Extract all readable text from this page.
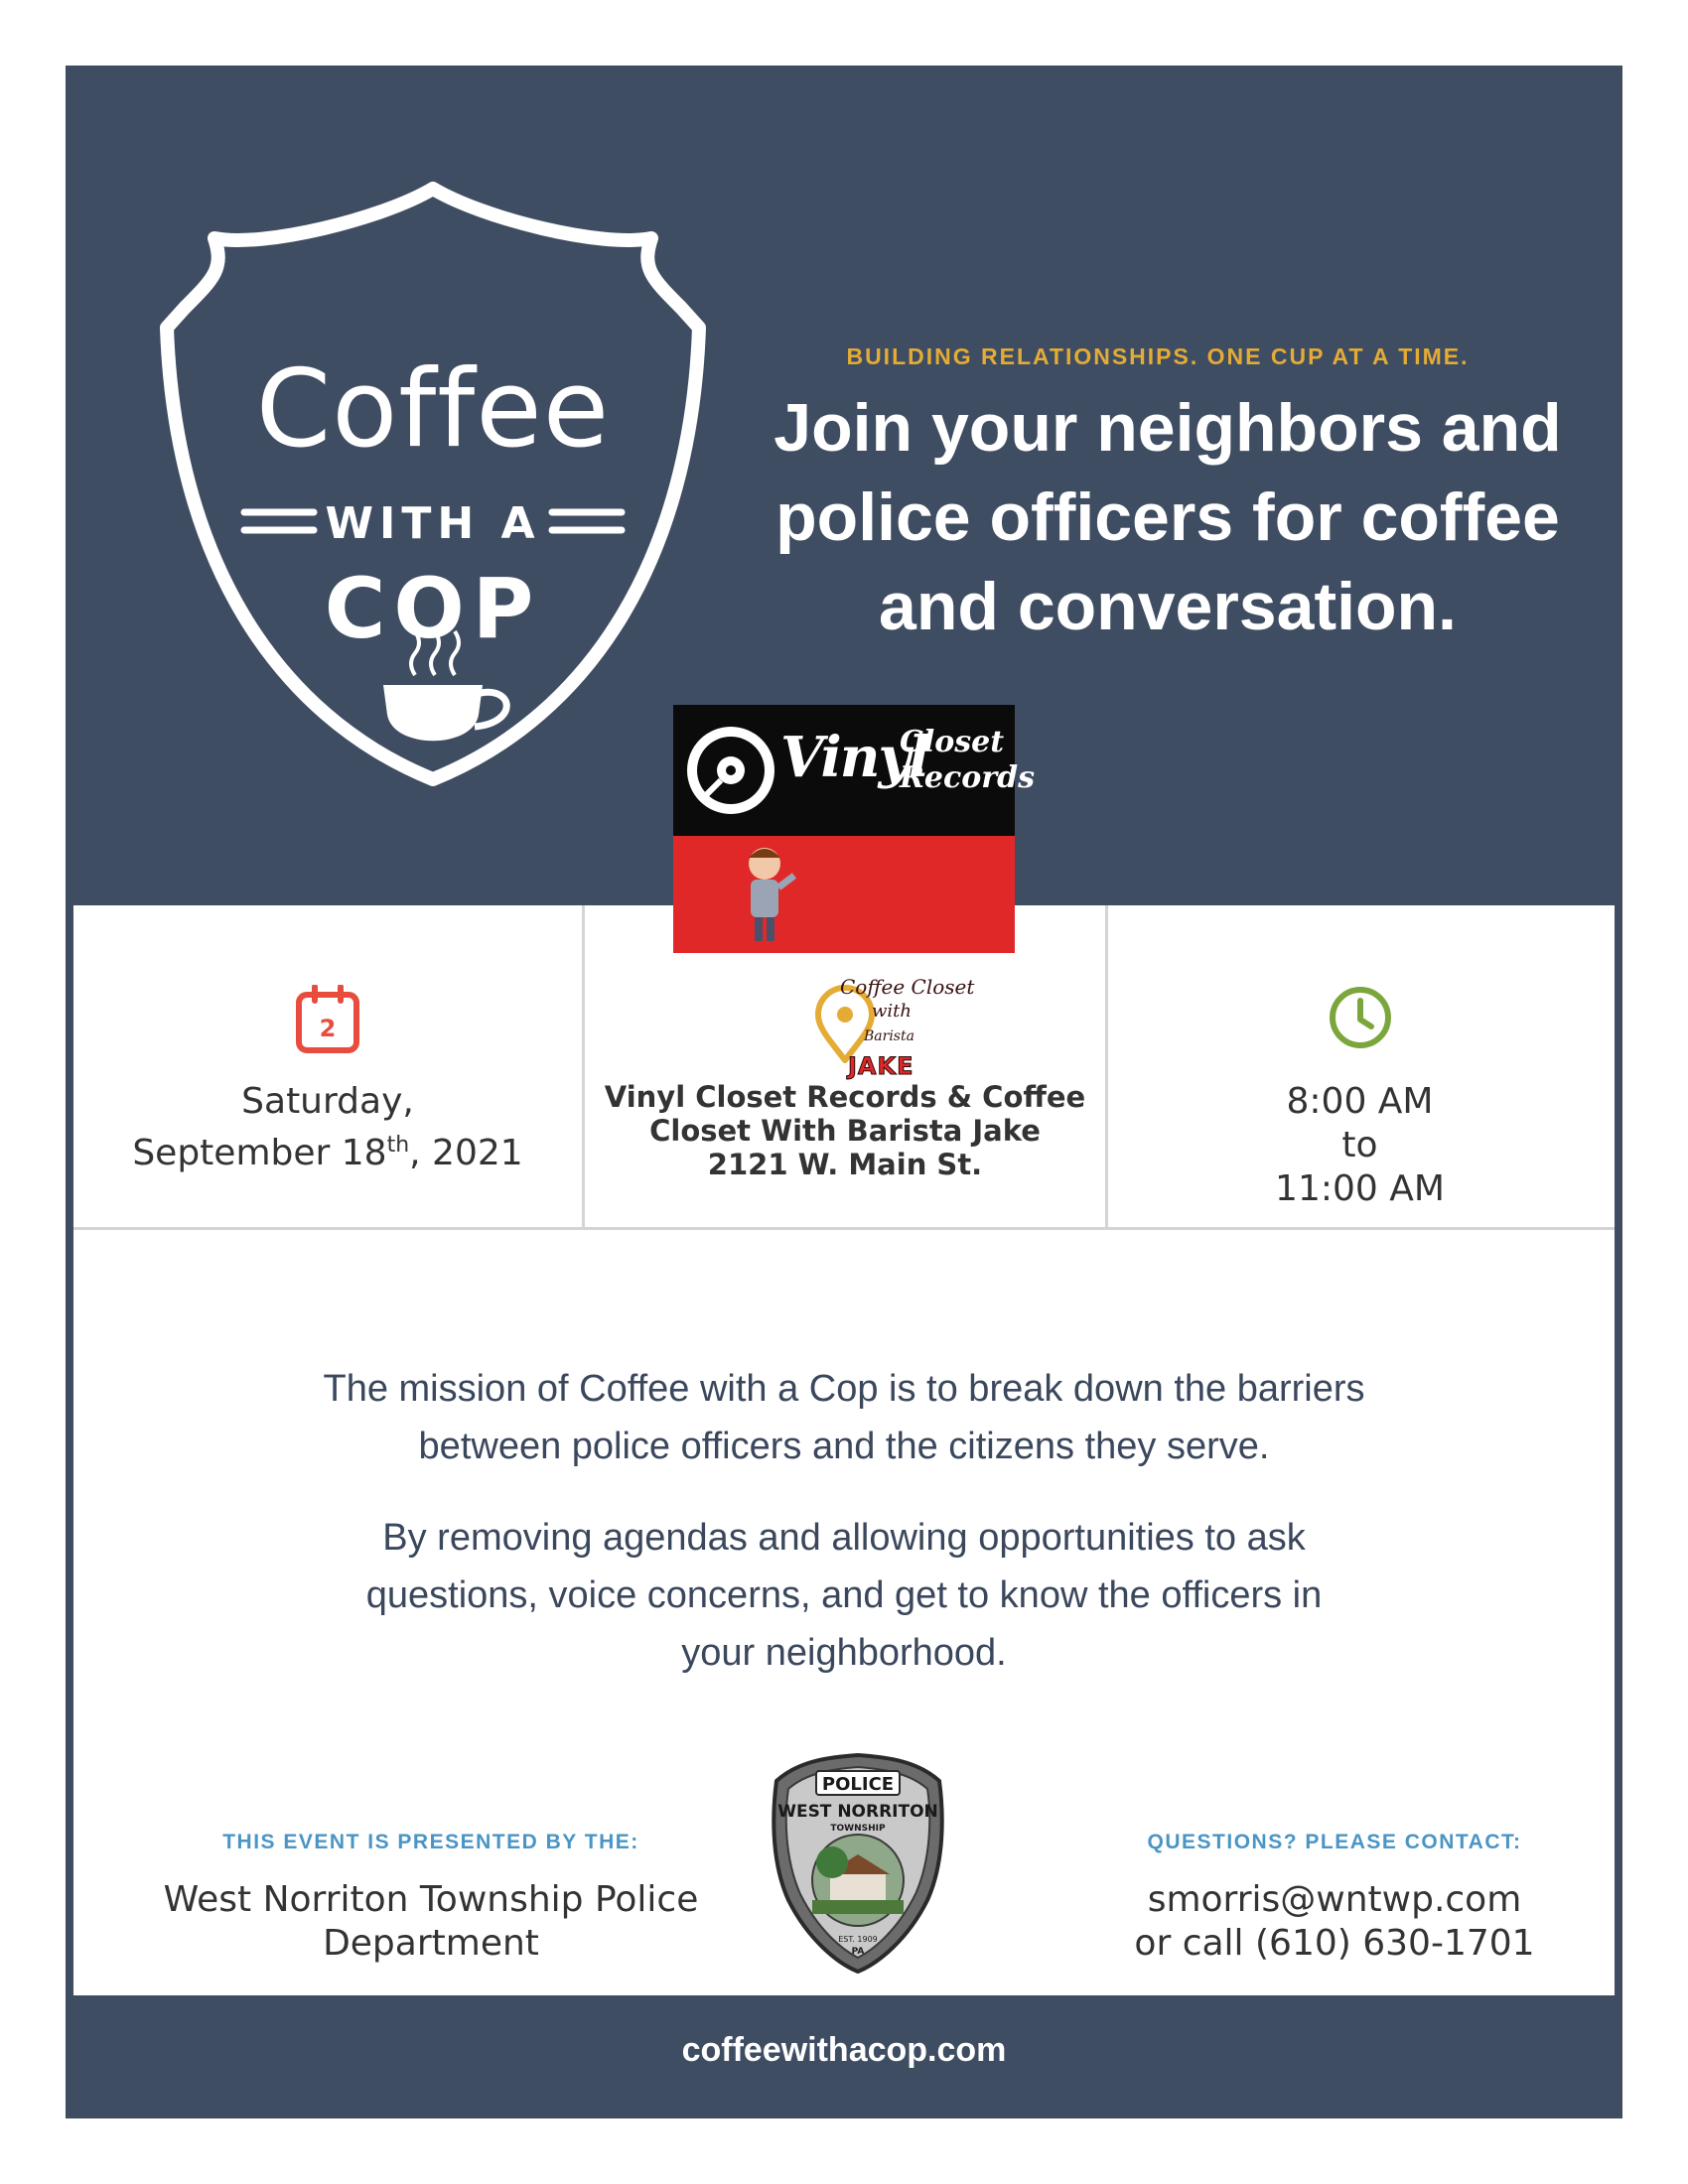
Coffee
WITH A
COP
BUILDING RELATIONSHIPS. ONE CUP AT A TIME.
Join your neighbors and
police officers for coffee
and conversation.
Vinyl
Closet
Records
Coffee Closet
with
Barista
JAKE
2
Saturday,
September 18th, 2021
Vinyl Closet Records & Coffee
Closet With Barista Jake
2121 W. Main St.
8:00 AM
to
11:00 AM
The mission of Coffee with a Cop is to break down the barriers
between police officers and the citizens they serve.
By removing agendas and allowing opportunities to ask
questions, voice concerns, and get to know the officers in
your neighborhood.
THIS EVENT IS PRESENTED BY THE:
West Norriton Township Police
Department
POLICE
WEST NORRITON
TOWNSHIP
EST. 1909
PA
QUESTIONS? PLEASE CONTACT:
smorris@wntwp.com
or call (610) 630-1701
coffeewithacop.com
